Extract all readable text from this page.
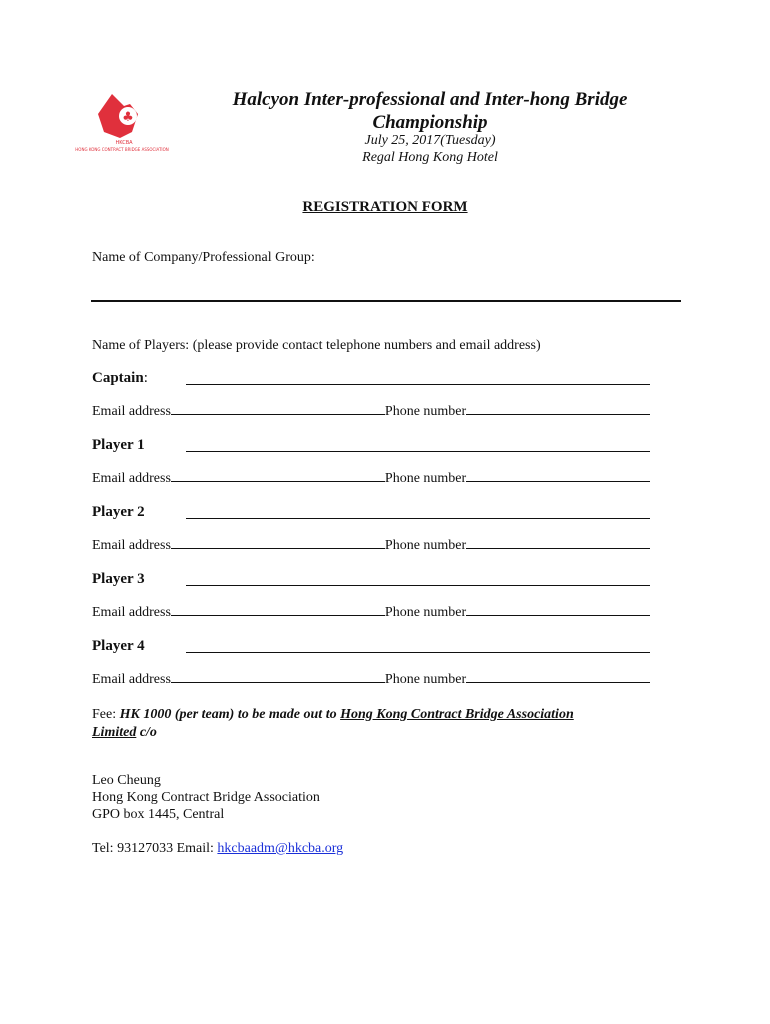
♣
HKCBA
HONG KONG CONTRACT BRIDGE ASSOCIATION
Halcyon Inter-professional and Inter-hong Bridge
Championship
July 25, 2017(Tuesday)
Regal Hong Kong Hotel
REGISTRATION FORM
Name of Company/Professional Group:
Name of Players: (please provide contact telephone numbers and email address)
Captain:
Email address	Phone number
Player 1
Email address	Phone number
Player 2
Email address	Phone number
Player 3
Email address	Phone number
Player 4
Email address	Phone number
Fee: HK 1000 (per team) to be made out to Hong Kong Contract Bridge Association
Limited c/o
Leo Cheung
Hong Kong Contract Bridge Association
GPO box 1445, Central
Tel: 93127033 Email: hkcbaadm@hkcba.org
